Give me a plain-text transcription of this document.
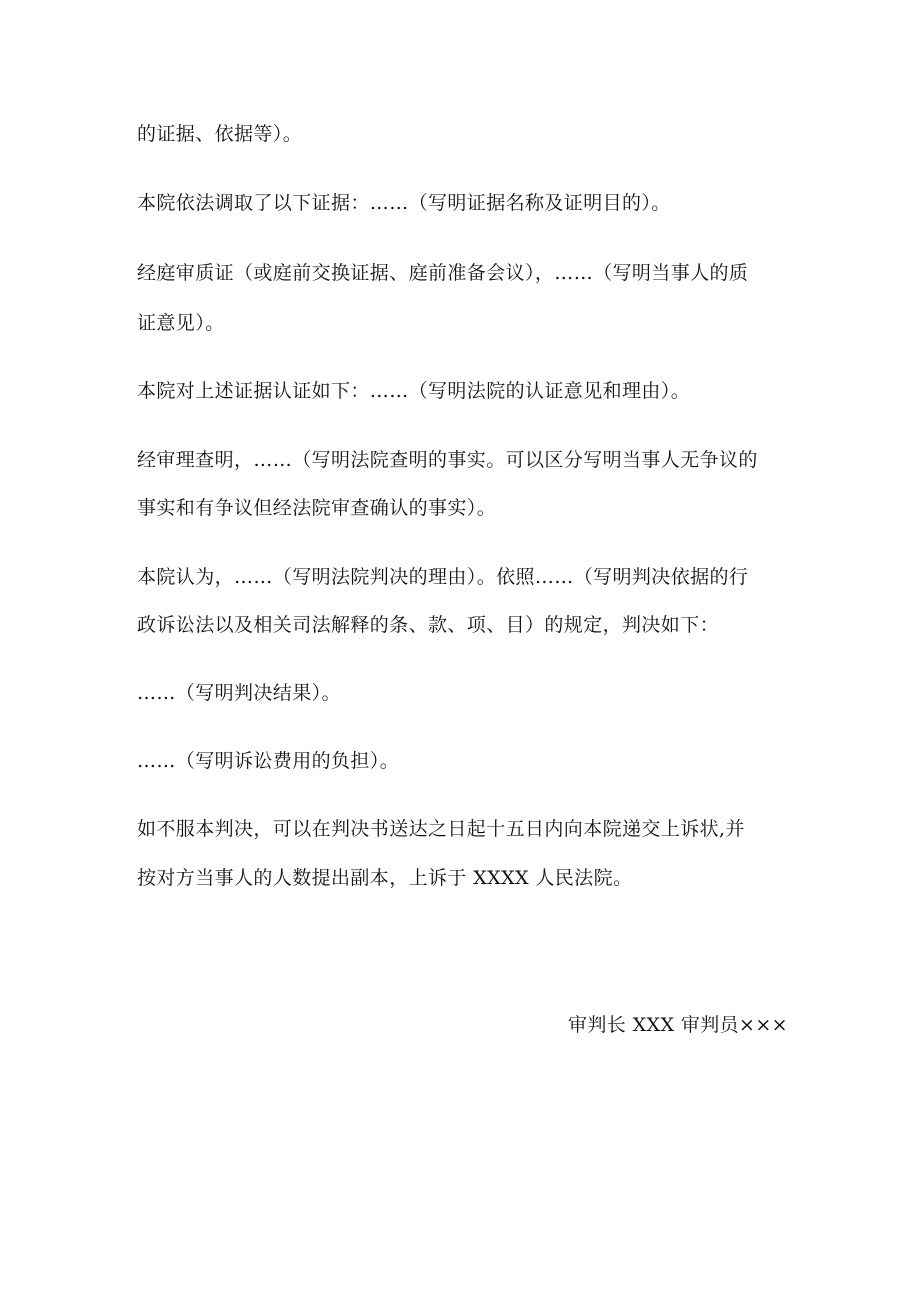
的证据、依据等）。
本院依法调取了以下证据：……（写明证据名称及证明目的）。
经庭审质证（或庭前交换证据、庭前准备会议），……（写明当事人的质
证意见）。
本院对上述证据认证如下：……（写明法院的认证意见和理由）。
经审理查明，……（写明法院查明的事实。可以区分写明当事人无争议的
事实和有争议但经法院审查确认的事实）。
本院认为，……（写明法院判决的理由）。依照……（写明判决依据的行
政诉讼法以及相关司法解释的条、款、项、目）的规定，判决如下：
……（写明判决结果）。
……（写明诉讼费用的负担）。
如不服本判决，可以在判决书送达之日起十五日内向本院递交上诉状,并
按对方当事人的人数提出副本，上诉于 XXXX 人民法院。
审判长 XXX 审判员×××
